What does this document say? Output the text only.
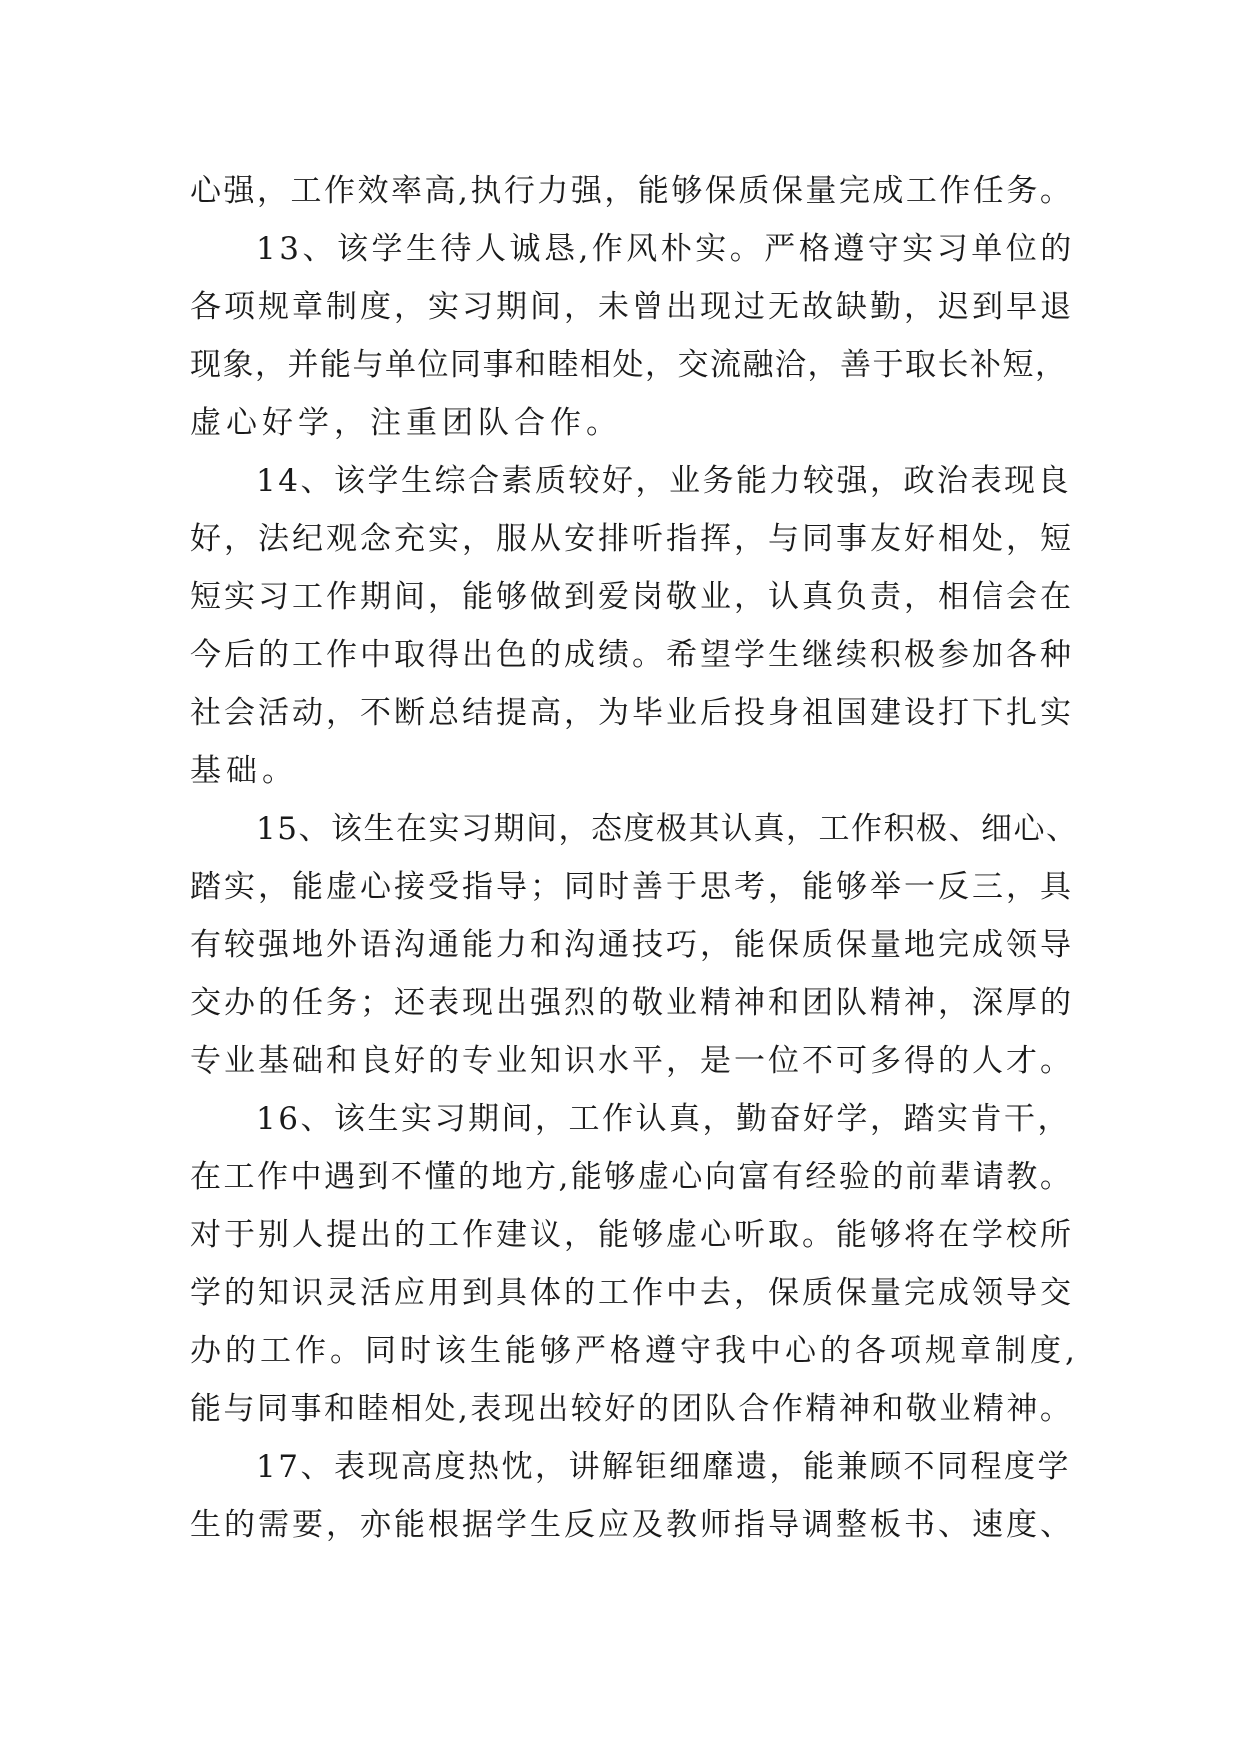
心强，工作效率高,执行力强，能够保质保量完成工作任务。
13、该学生待人诚恳,作风朴实。严格遵守实习单位的
各项规章制度，实习期间，未曾出现过无故缺勤，迟到早退
现象，并能与单位同事和睦相处，交流融洽，善于取长补短，
虚心好学，注重团队合作。
14、该学生综合素质较好，业务能力较强，政治表现良
好，法纪观念充实，服从安排听指挥，与同事友好相处，短
短实习工作期间，能够做到爱岗敬业，认真负责，相信会在
今后的工作中取得出色的成绩。希望学生继续积极参加各种
社会活动，不断总结提高，为毕业后投身祖国建设打下扎实
基础。
15、该生在实习期间，态度极其认真，工作积极、细心、
踏实，能虚心接受指导；同时善于思考，能够举一反三，具
有较强地外语沟通能力和沟通技巧，能保质保量地完成领导
交办的任务；还表现出强烈的敬业精神和团队精神，深厚的
专业基础和良好的专业知识水平，是一位不可多得的人才。
16、该生实习期间，工作认真，勤奋好学，踏实肯干，
在工作中遇到不懂的地方,能够虚心向富有经验的前辈请教。
对于别人提出的工作建议，能够虚心听取。能够将在学校所
学的知识灵活应用到具体的工作中去，保质保量完成领导交
办的工作。同时该生能够严格遵守我中心的各项规章制度,
能与同事和睦相处,表现出较好的团队合作精神和敬业精神。
17、表现高度热忱，讲解钜细靡遗，能兼顾不同程度学
生的需要，亦能根据学生反应及教师指导调整板书、速度、
